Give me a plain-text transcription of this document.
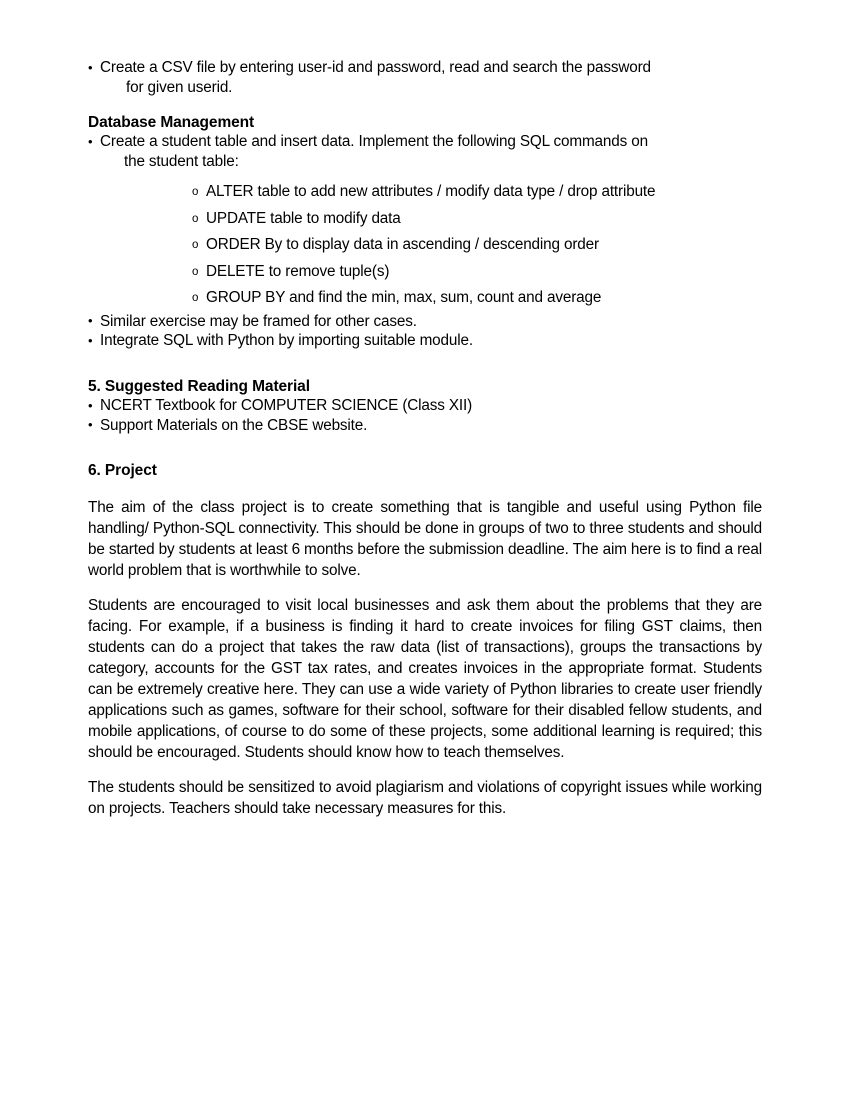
• Create a CSV file by entering user-id and password, read and search the password
for given userid.
Database Management
• Create a student table and insert data. Implement the following SQL commands on
the student table:
o ALTER table to add new attributes / modify data type / drop attribute
o UPDATE table to modify data
o ORDER By to display data in ascending / descending order
o DELETE to remove tuple(s)
o GROUP BY and find the min, max, sum, count and average
• Similar exercise may be framed for other cases.
• Integrate SQL with Python by importing suitable module.
5. Suggested Reading Material
• NCERT Textbook for COMPUTER SCIENCE (Class XII)
• Support Materials on the CBSE website.
6. Project

The aim of the class project is to create something that is tangible and useful using Python file handling/ Python-SQL connectivity. This should be done in groups of two to three students and should be started by students at least 6 months before the submission deadline. The aim here is to find a real world problem that is worthwhile to solve.

Students are encouraged to visit local businesses and ask them about the problems that they are facing. For example, if a business is finding it hard to create invoices for filing GST claims, then students can do a project that takes the raw data (list of transactions), groups the transactions by category, accounts for the GST tax rates, and creates invoices in the appropriate format. Students can be extremely creative here. They can use a wide variety of Python libraries to create user friendly applications such as games, software for their school, software for their disabled fellow students, and mobile applications, of course to do some of these projects, some additional learning is required; this should be encouraged. Students should know how to teach themselves.

The students should be sensitized to avoid plagiarism and violations of copyright issues while working on projects. Teachers should take necessary measures for this.
